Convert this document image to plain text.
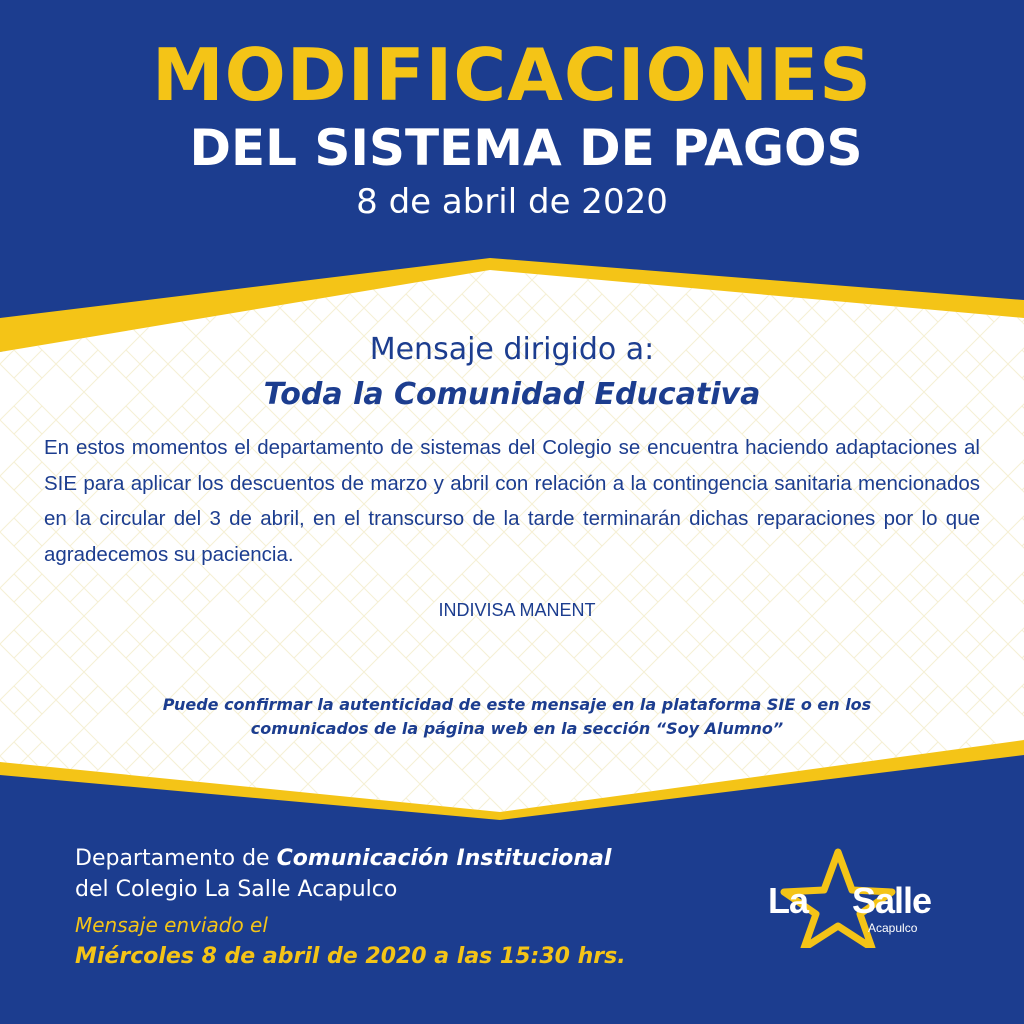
MODIFICACIONES
DEL SISTEMA DE PAGOS
8 de abril de 2020
Mensaje dirigido a:
Toda la Comunidad Educativa

En estos momentos el departamento de sistemas del Colegio se encuentra haciendo adaptaciones al SIE para aplicar los descuentos de marzo y abril con relación a la contingencia sanitaria mencionados en la circular del 3 de abril, en el transcurso de la tarde terminarán dichas reparaciones por lo que agradecemos su paciencia.

INDIVISA MANENT
Puede confirmar la autenticidad de este mensaje en la plataforma SIE o en los
comunicados de la página web en la sección “Soy Alumno”
Departamento de Comunicación Institucional
del Colegio La Salle Acapulco
Mensaje enviado el
Miércoles 8 de abril de 2020 a las 15:30 hrs.
La Salle
Acapulco
